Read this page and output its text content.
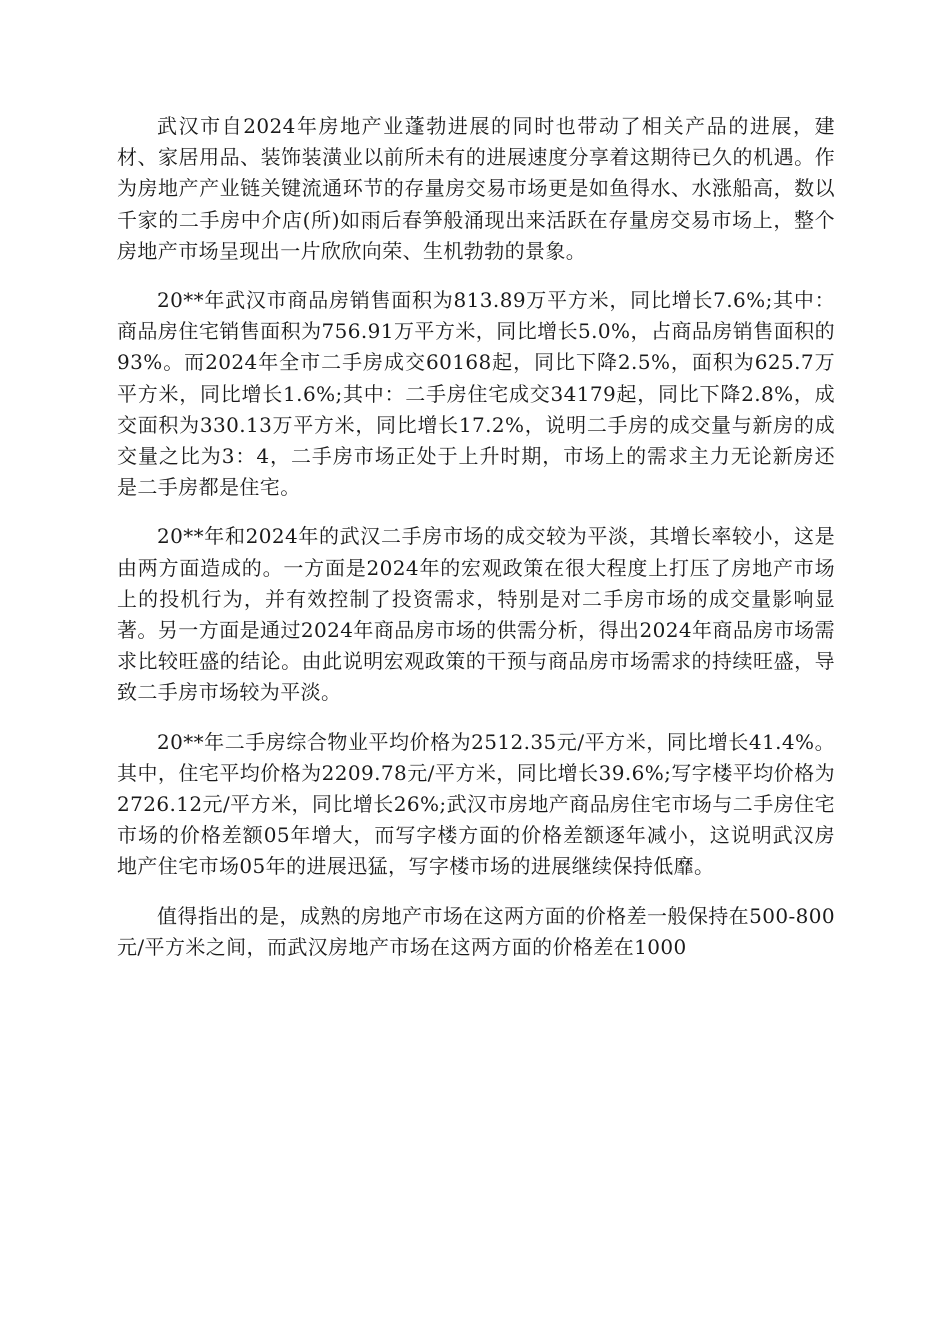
武汉市自2024年房地产业蓬勃进展的同时也带动了相关产品的进展，建材、家居用品、装饰装潢业以前所未有的进展速度分享着这期待已久的机遇。作为房地产产业链关键流通环节的存量房交易市场更是如鱼得水、水涨船高，数以千家的二手房中介店(所)如雨后春笋般涌现出来活跃在存量房交易市场上，整个房地产市场呈现出一片欣欣向荣、生机勃勃的景象。

20**年武汉市商品房销售面积为813.89万平方米，同比增长7.6%;其中：商品房住宅销售面积为756.91万平方米，同比增长5.0%，占商品房销售面积的93%。而2024年全市二手房成交60168起，同比下降2.5%，面积为625.7万平方米，同比增长1.6%;其中：二手房住宅成交34179起，同比下降2.8%，成交面积为330.13万平方米，同比增长17.2%，说明二手房的成交量与新房的成交量之比为3：4，二手房市场正处于上升时期，市场上的需求主力无论新房还是二手房都是住宅。

20**年和2024年的武汉二手房市场的成交较为平淡，其增长率较小，这是由两方面造成的。一方面是2024年的宏观政策在很大程度上打压了房地产市场上的投机行为，并有效控制了投资需求，特别是对二手房市场的成交量影响显著。另一方面是通过2024年商品房市场的供需分析，得出2024年商品房市场需求比较旺盛的结论。由此说明宏观政策的干预与商品房市场需求的持续旺盛，导致二手房市场较为平淡。

20**年二手房综合物业平均价格为2512.35元/平方米，同比增长41.4%。其中，住宅平均价格为2209.78元/平方米，同比增长39.6%;写字楼平均价格为2726.12元/平方米，同比增长26%;武汉市房地产商品房住宅市场与二手房住宅市场的价格差额05年增大，而写字楼方面的价格差额逐年减小，这说明武汉房地产住宅市场05年的进展迅猛，写字楼市场的进展继续保持低靡。

值得指出的是，成熟的房地产市场在这两方面的价格差一般保持在500-800元/平方米之间，而武汉房地产市场在这两方面的价格差在1000
